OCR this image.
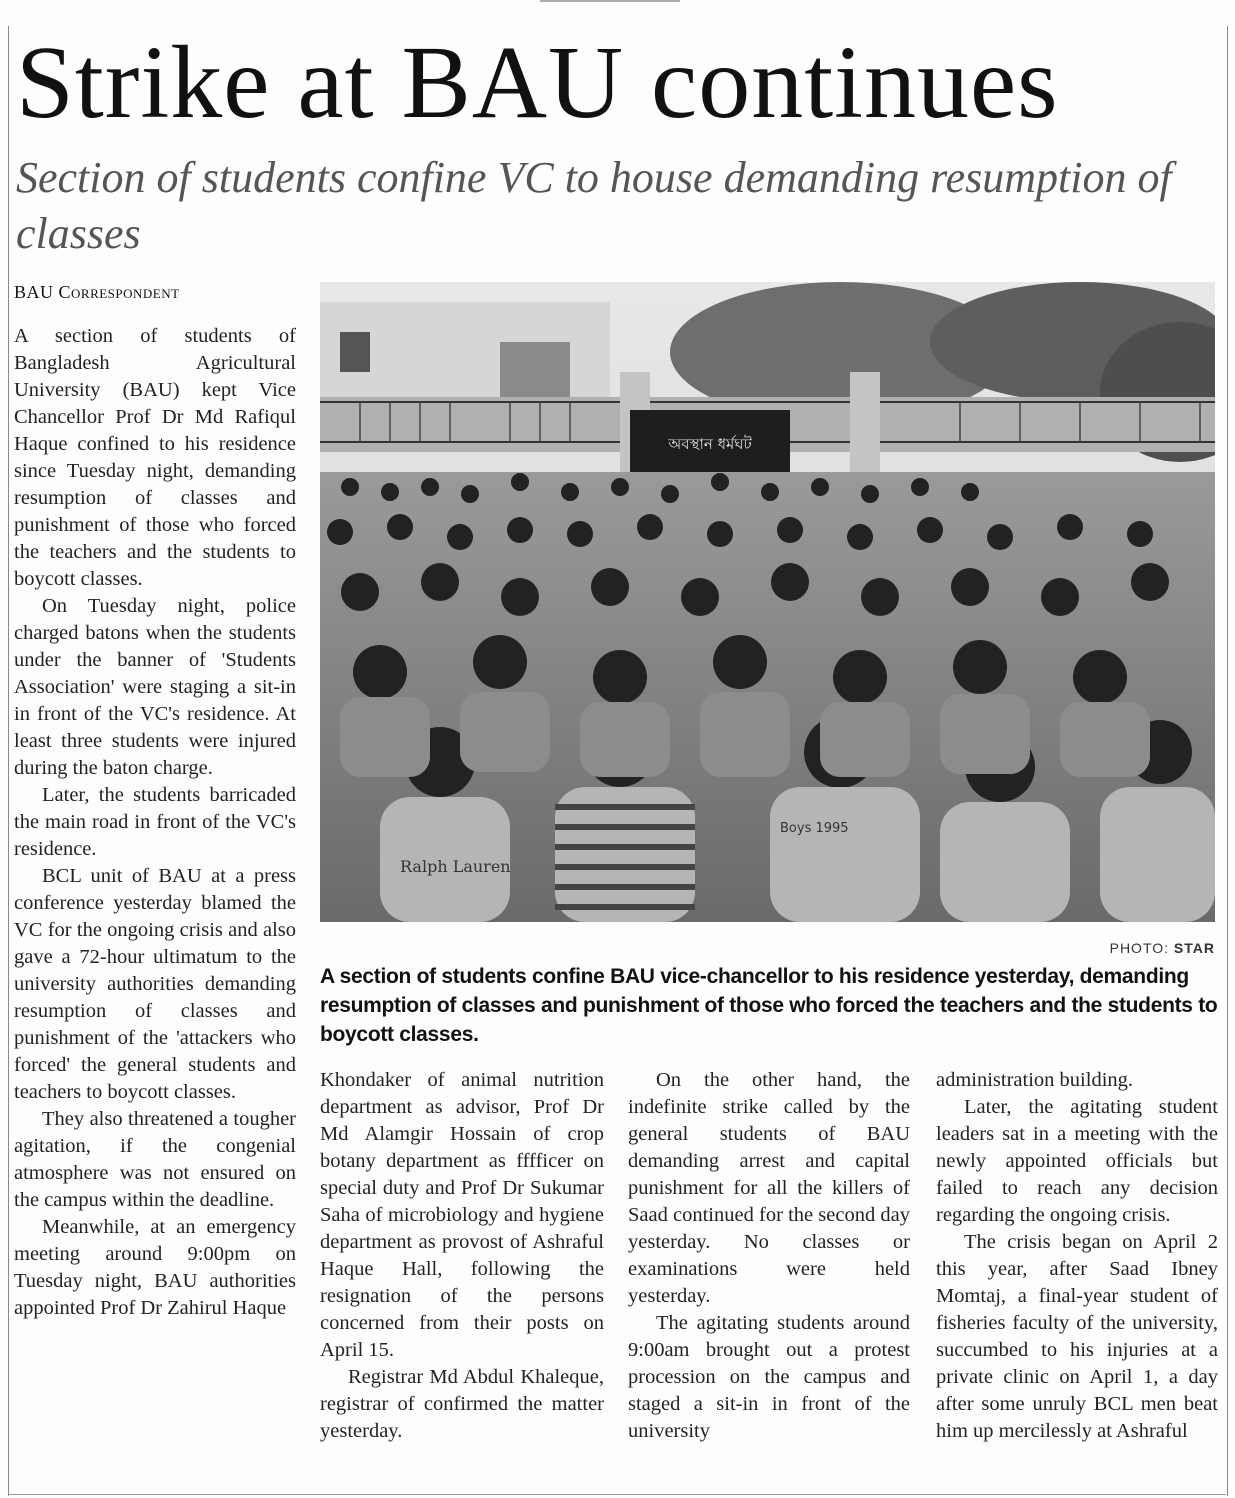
Strike at BAU continues
Section of students confine VC to house demanding resumption of classes
BAU Correspondent

A section of students of Bangladesh Agricultural University (BAU) kept Vice Chancellor Prof Dr Md Rafiqul Haque confined to his residence since Tuesday night, demanding resumption of classes and punishment of those who forced the teachers and the students to boycott classes.

On Tuesday night, police charged batons when the students under the banner of 'Students Association' were staging a sit-in in front of the VC's residence. At least three students were injured during the baton charge.

Later, the students barricaded the main road in front of the VC's residence.

BCL unit of BAU at a press conference yesterday blamed the VC for the ongoing crisis and also gave a 72-hour ultimatum to the university authorities demanding resumption of classes and punishment of the 'attackers who forced' the general students and teachers to boycott classes.

They also threatened a tougher agitation, if the congenial atmosphere was not ensured on the campus within the deadline.

Meanwhile, at an emergency meeting around 9:00pm on Tuesday night, BAU authorities appointed Prof Dr Zahirul Haque

অবস্থান ধর্মঘট
Ralph Lauren
Boys 1995
PHOTO: STAR
A section of students confine BAU vice-chancellor to his residence yesterday, demanding resumption of classes and punishment of those who forced the teachers and the students to boycott classes.

Khondaker of animal nutrition department as advisor, Prof Dr Md Alamgir Hossain of crop botany department as fffficer on special duty and Prof Dr Sukumar Saha of microbiology and hygiene department as provost of Ashraful Haque Hall, following the resignation of the persons concerned from their posts on April 15.

Registrar Md Abdul Khaleque, registrar of confirmed the matter yesterday.

On the other hand, the indefinite strike called by the general students of BAU demanding arrest and capital punishment for all the killers of Saad continued for the second day yesterday. No classes or examinations were held yesterday.

The agitating students around 9:00am brought out a protest procession on the campus and staged a sit-in in front of the university

administration building.

Later, the agitating student leaders sat in a meeting with the newly appointed officials but failed to reach any decision regarding the ongoing crisis.

The crisis began on April 2 this year, after Saad Ibney Momtaj, a final-year student of fisheries faculty of the university, succumbed to his injuries at a private clinic on April 1, a day after some unruly BCL men beat him up mercilessly at Ashraful
